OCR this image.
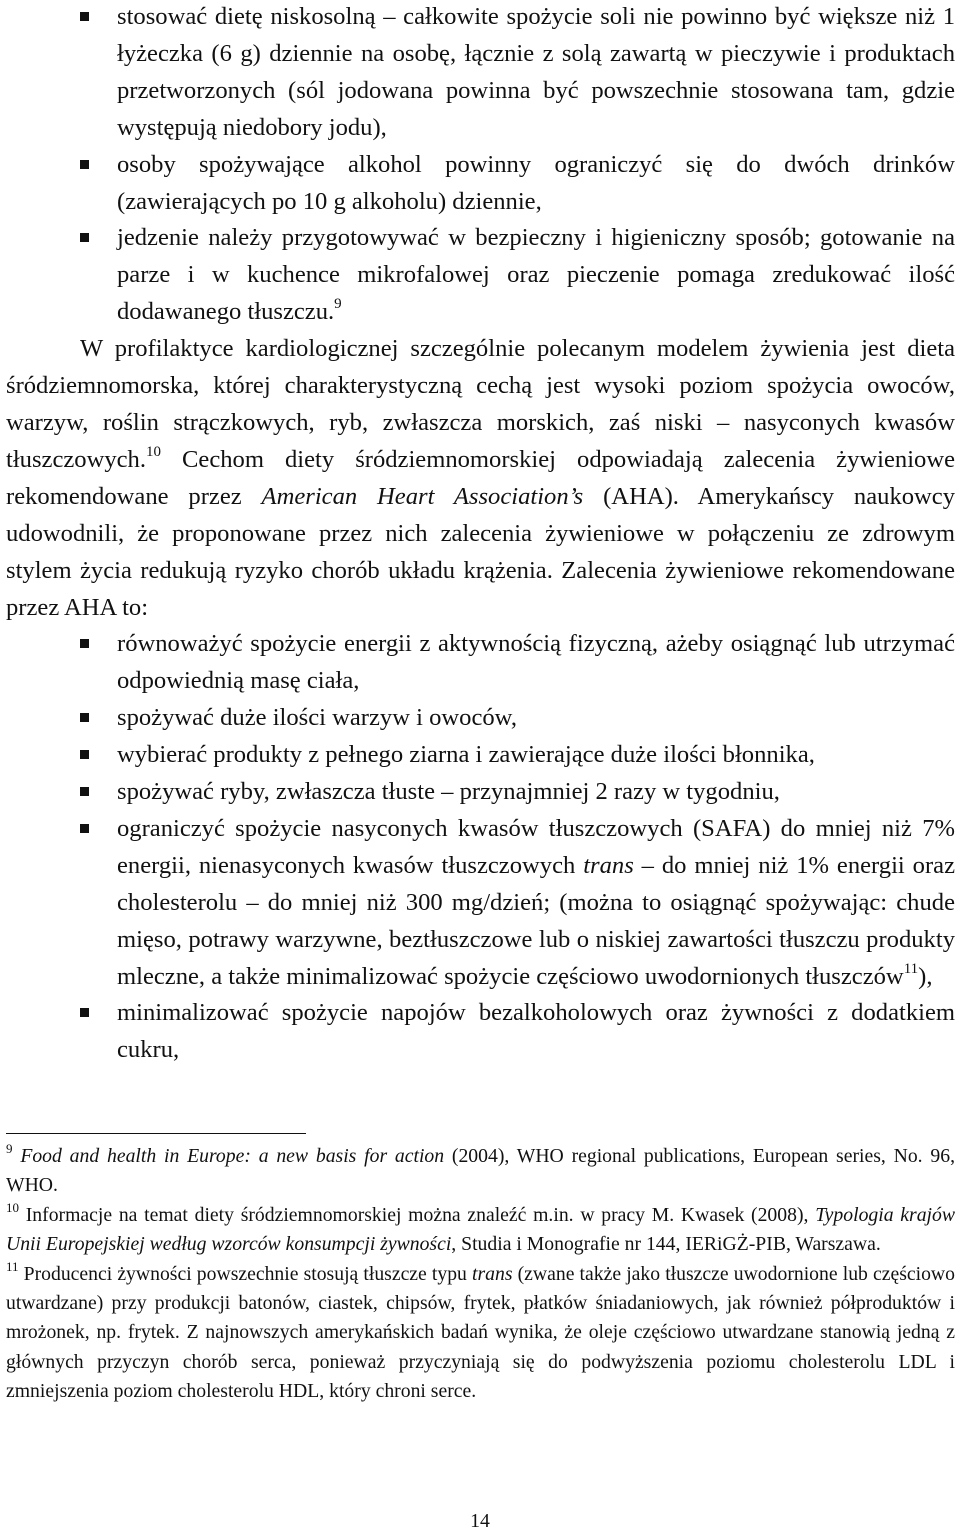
stosować dietę niskosolną – całkowite spożycie soli nie powinno być większe niż 1 łyżeczka (6 g) dziennie na osobę, łącznie z solą zawartą w pieczywie i produktach przetworzonych (sól jodowana powinna być powszechnie stosowana tam, gdzie występują niedobory jodu),
osoby spożywające alkohol powinny ograniczyć się do dwóch drinków (zawierających po 10 g alkoholu) dziennie,
jedzenie należy przygotowywać w bezpieczny i higieniczny sposób; gotowanie na parze i w kuchence mikrofalowej oraz pieczenie pomaga zredukować ilość dodawanego tłuszczu.$^9$

W profilaktyce kardiologicznej szczególnie polecanym modelem żywienia jest dieta śródziemnomorska, której charakterystyczną cechą jest wysoki poziom spożycia owoców, warzyw, roślin strączkowych, ryb, zwłaszcza morskich, zaś niski – nasyconych kwasów tłuszczowych.$^{10}$ Cechom diety śródziemnomorskiej odpowiadają zalecenia żywieniowe rekomendowane przez American Heart Association’s (AHA). Amerykańscy naukowcy udowodnili, że proponowane przez nich zalecenia żywieniowe w połączeniu ze zdrowym stylem życia redukują ryzyko chorób układu krążenia. Zalecenia żywieniowe rekomendowane przez AHA to:

równoważyć spożycie energii z aktywnością fizyczną, ażeby osiągnąć lub utrzymać odpowiednią masę ciała,
spożywać duże ilości warzyw i owoców,
wybierać produkty z pełnego ziarna i zawierające duże ilości błonnika,
spożywać ryby, zwłaszcza tłuste – przynajmniej 2 razy w tygodniu,
ograniczyć spożycie nasyconych kwasów tłuszczowych (SAFA) do mniej niż 7% energii, nienasyconych kwasów tłuszczowych trans – do mniej niż 1% energii oraz cholesterolu – do mniej niż 300 mg/dzień; (można to osiągnąć spożywając: chude mięso, potrawy warzywne, beztłuszczowe lub o niskiej zawartości tłuszczu produkty mleczne, a także minimalizować spożycie częściowo uwodornionych tłuszczów$^{11}$),
minimalizować spożycie napojów bezalkoholowych oraz żywności z dodatkiem cukru,

$^9$ Food and health in Europe: a new basis for action (2004), WHO regional publications, European series, No. 96, WHO.

$^{10}$ Informacje na temat diety śródziemnomorskiej można znaleźć m.in. w pracy M. Kwasek (2008), Typologia krajów Unii Europejskiej według wzorców konsumpcji żywności, Studia i Monografie nr 144, IERiGŻ-PIB, Warszawa.

$^{11}$ Producenci żywności powszechnie stosują tłuszcze typu trans (zwane także jako tłuszcze uwodornione lub częściowo utwardzane) przy produkcji batonów, ciastek, chipsów, frytek, płatków śniadaniowych, jak również półproduktów i mrożonek, np. frytek. Z najnowszych amerykańskich badań wynika, że oleje częściowo utwardzane stanowią jedną z głównych przyczyn chorób serca, ponieważ przyczyniają się do podwyższenia poziomu cholesterolu LDL i zmniejszenia poziom cholesterolu HDL, który chroni serce.

14
